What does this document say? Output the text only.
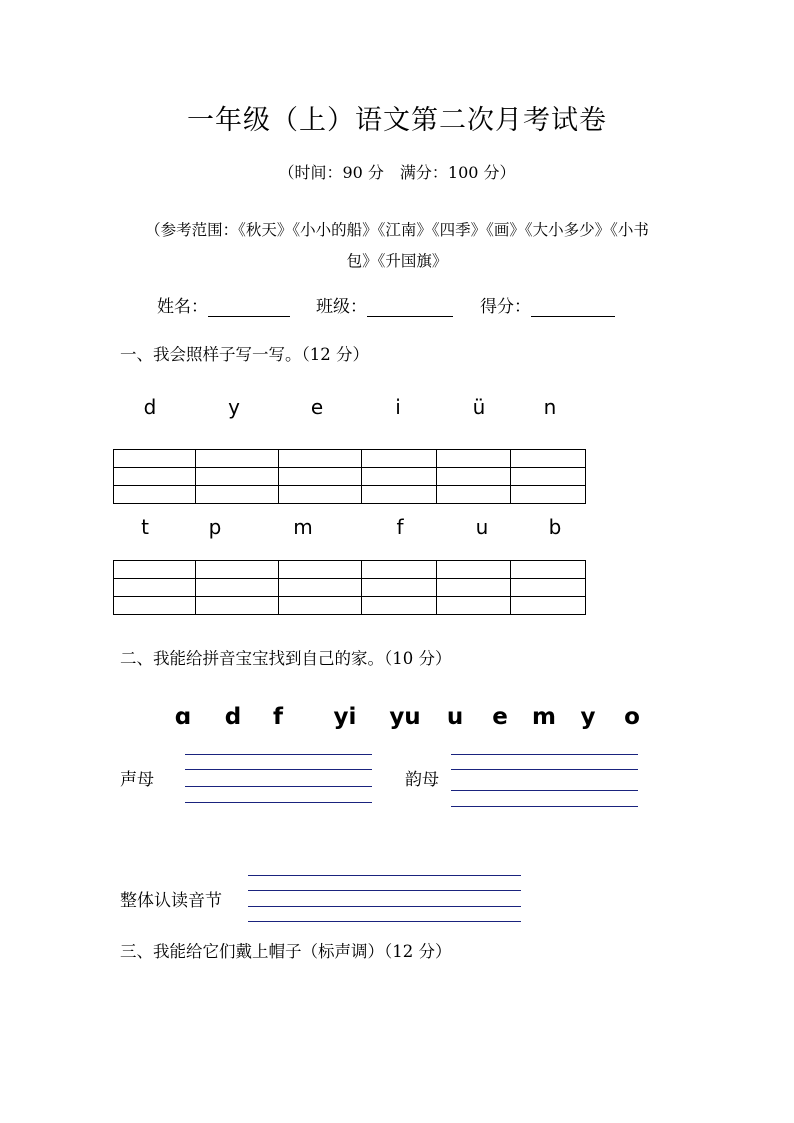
一年级（上）语文第二次月考试卷
（时间：90 分　满分：100 分）
（参考范围：《秋天》《小小的船》《江南》《四季》《画》《大小多少》《小书
包》《升国旗》
姓名：	班级：	得分：
一、我会照样子写一写。（12 分）
d	y	e	i	ü	n

t	p	m	f	u	b

二、我能给拼音宝宝找到自己的家。（10 分）
ɑ d	f	yi	yu u	e	m	y	o
声母	韵母
整体认读音节
三、我能给它们戴上帽子（标声调）（12 分）
